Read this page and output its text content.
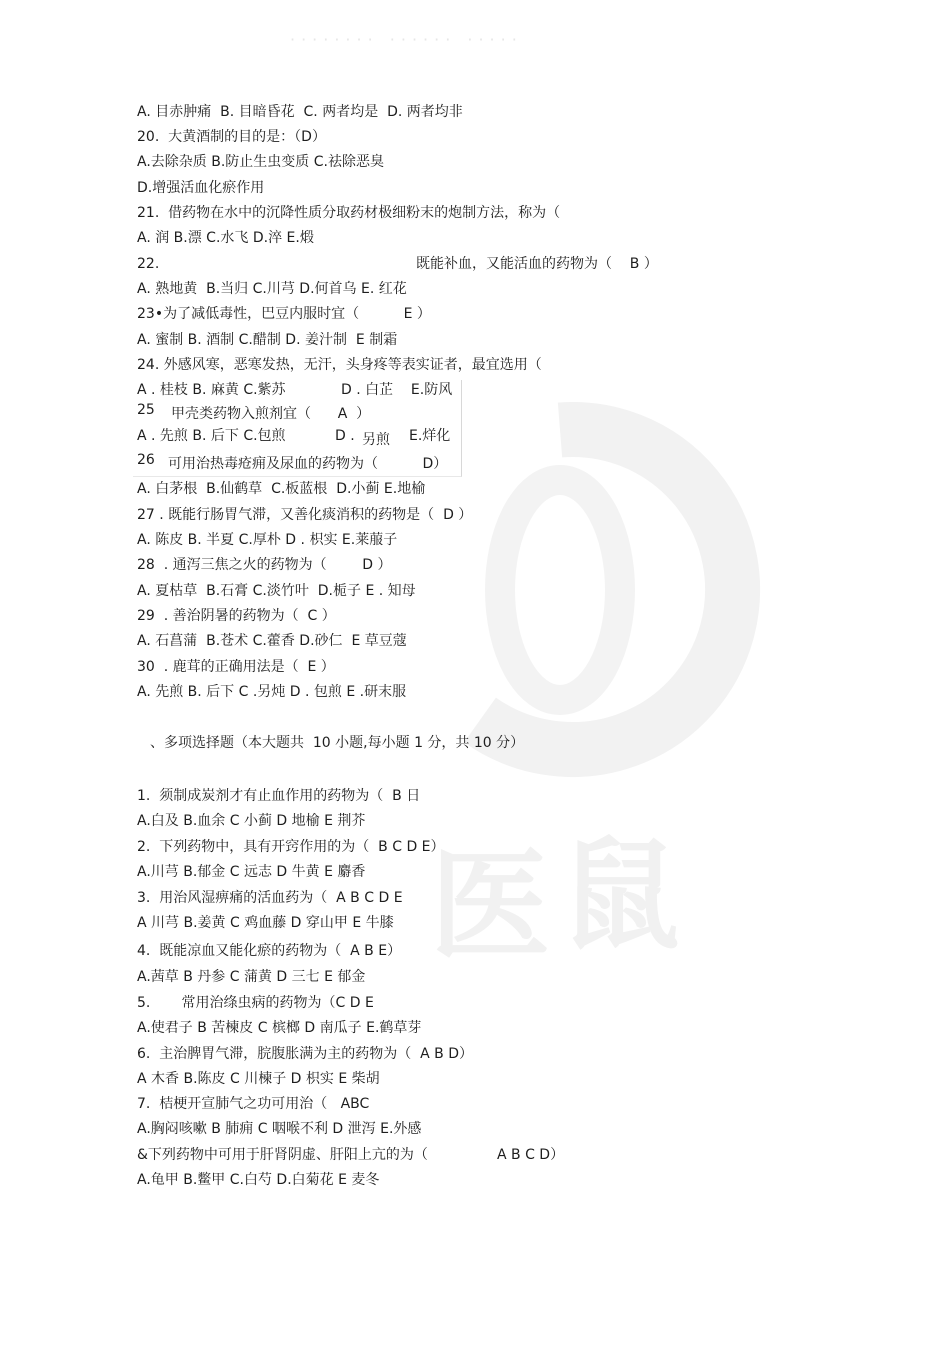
········ ······ ·····
医 鼠
A. 目赤肿痛  B. 目暗昏花  C. 两者均是  D. 两者均非
20.  大黄酒制的目的是：（D）
A.去除杂质 B.防止生虫变质 C.祛除恶臭
D.增强活血化瘀作用
21.  借药物在水中的沉降性质分取药材极细粉末的炮制方法，称为（
A. 润 B.漂 C.水飞 D.淬 E.煅
22.	既能补血，又能活血的药物为（    B ）
A. 熟地黄  B.当归 C.川芎 D.何首乌 E. 红花
23•为了减低毒性，巴豆内服时宜（          E ）
A. 蜜制 B. 酒制 C.醋制 D. 姜汁制  E 制霜
24. 外感风寒，恶寒发热，无汗，头身疼等表实证者，最宜选用（
A . 桂枝 B. 麻黄 C.紫苏	D . 白芷    E.防风
25 甲壳类药物入煎剂宜（      A  ）
A . 先煎 B. 后下 C.包煎	D . 另煎 E.烊化
26 可用治热毒疮痈及尿血的药物为（          D）
A. 白茅根  B.仙鹤草  C.板蓝根  D.小蓟 E.地榆
27 . 既能行肠胃气滞，又善化痰消积的药物是（  D ）
A. 陈皮 B. 半夏 C.厚朴 D . 枳实 E.莱菔子
28  . 通泻三焦之火的药物为（        D ）
A. 夏枯草  B.石膏 C.淡竹叶  D.栀子 E . 知母
29  . 善治阴暑的药物为（  C ）
A. 石菖蒲  B.苍术 C.藿香 D.砂仁  E 草豆蔻
30  . 鹿茸的正确用法是（  E ）
A. 先煎 B. 后下 C .另炖 D . 包煎 E .研末服
、多项选择题（本大题共  10 小题,每小题 1 分，共 10 分）
1.  须制成炭剂才有止血作用的药物为（  B 日
A.白及 B.血余 C 小蓟 D 地榆 E 荆芥
2.  下列药物中，具有开窍作用的为（  B C D E）
A.川芎 B.郁金 C 远志 D 牛黄 E 麝香
3.  用治风湿痹痛的活血药为（  A B C D E
A 川芎 B.姜黄 C 鸡血藤 D 穿山甲 E 牛膝
4.  既能凉血又能化瘀的药物为（  A B E）
A.茜草 B 丹参 C 蒲黄 D 三七 E 郁金
5.       常用治绦虫病的药物为（C D E
A.使君子 B 苦楝皮 C 槟榔 D 南瓜子 E.鹤草芽
6.  主治脾胃气滞，脘腹胀满为主的药物为（  A B D）
A 木香 B.陈皮 C 川楝子 D 枳实 E 柴胡
7.  桔梗开宣肺气之功可用治（   ABC
A.胸闷咳嗽 B 肺痈 C 咽喉不利 D 泄泻 E.外感
&下列药物中可用于肝肾阴虚、肝阳上亢的为（	A B C D）
A.龟甲 B.鳖甲 C.白芍 D.白菊花 E 麦冬
